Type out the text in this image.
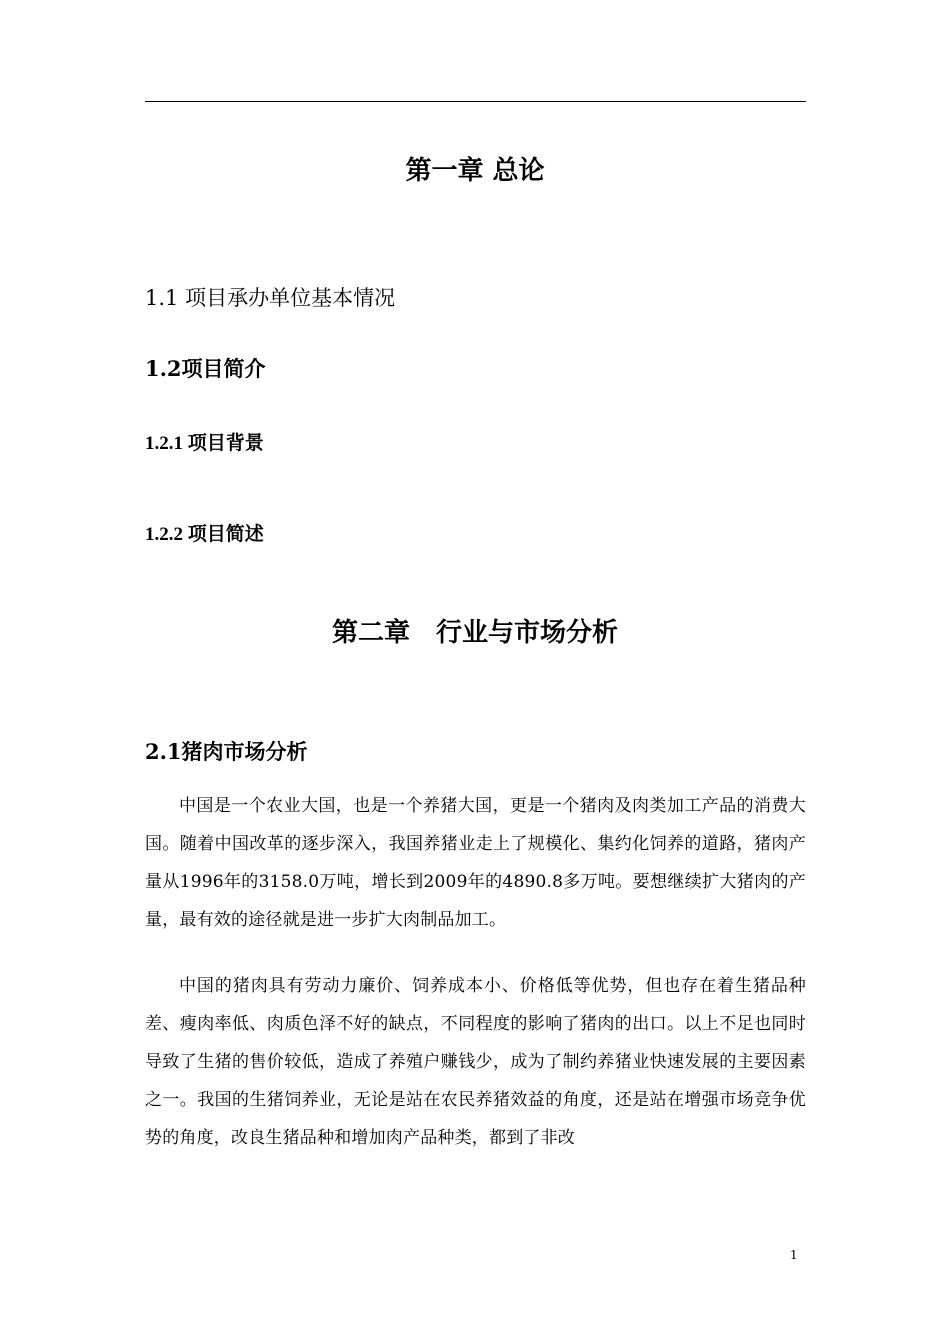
第一章 总论
1.1 项目承办单位基本情况
1.2项目简介
1.2.1 项目背景
1.2.2 项目简述
第二章　行业与市场分析
2.1猪肉市场分析

中国是一个农业大国，也是一个养猪大国，更是一个猪肉及肉类加工产品的消费大国。随着中国改革的逐步深入，我国养猪业走上了规模化、集约化饲养的道路，猪肉产量从1996年的3158.0万吨，增长到2009年的4890.8多万吨。要想继续扩大猪肉的产量，最有效的途径就是进一步扩大肉制品加工。

中国的猪肉具有劳动力廉价、饲养成本小、价格低等优势，但也存在着生猪品种差、瘦肉率低、肉质色泽不好的缺点，不同程度的影响了猪肉的出口。以上不足也同时导致了生猪的售价较低，造成了养殖户赚钱少，成为了制约养猪业快速发展的主要因素之一。我国的生猪饲养业，无论是站在农民养猪效益的角度，还是站在增强市场竞争优势的角度，改良生猪品种和增加肉产品种类，都到了非改

1
